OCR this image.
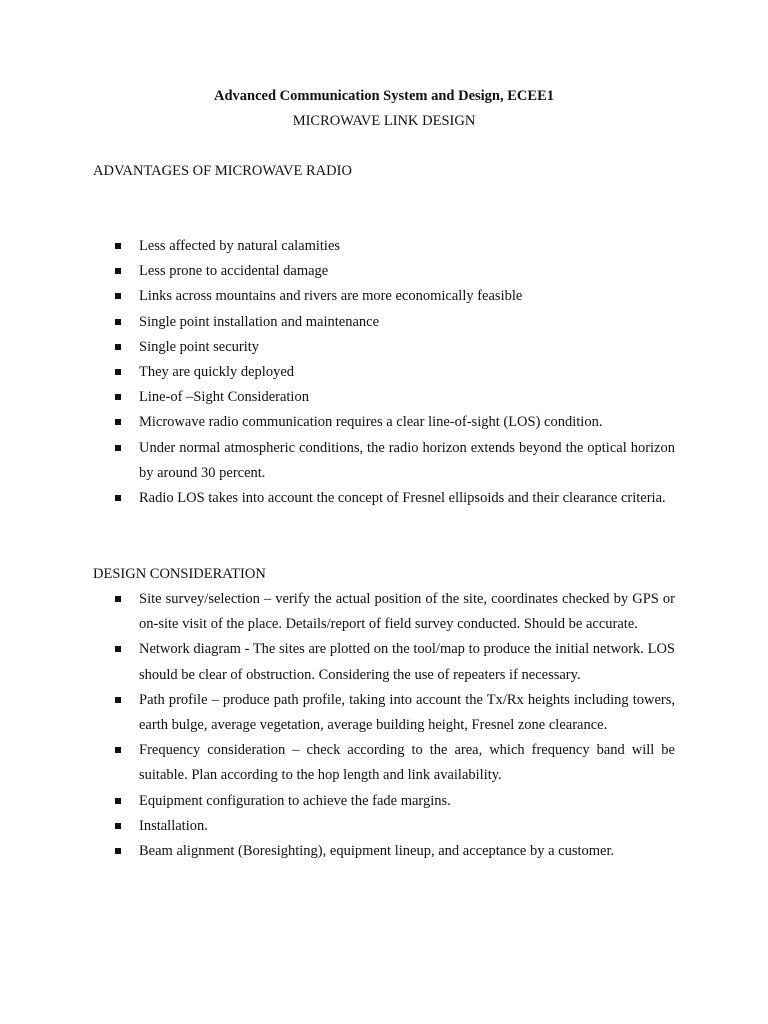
Advanced Communication System and Design, ECEE1
MICROWAVE LINK DESIGN
ADVANTAGES OF MICROWAVE RADIO
Less affected by natural calamities
Less prone to accidental damage
Links across mountains and rivers are more economically feasible
Single point installation and maintenance
Single point security
They are quickly deployed
Line-of –Sight Consideration
Microwave radio communication requires a clear line-of-sight (LOS) condition.
Under normal atmospheric conditions, the radio horizon extends beyond the optical horizon by around 30 percent.
Radio LOS takes into account the concept of Fresnel ellipsoids and their clearance criteria.
DESIGN CONSIDERATION
Site survey/selection – verify the actual position of the site, coordinates checked by GPS or on-site visit of the place. Details/report of field survey conducted. Should be accurate.
Network diagram - The sites are plotted on the tool/map to produce the initial network. LOS should be clear of obstruction. Considering the use of repeaters if necessary.
Path profile – produce path profile, taking into account the Tx/Rx heights including towers, earth bulge, average vegetation, average building height, Fresnel zone clearance.
Frequency consideration – check according to the area, which frequency band will be suitable. Plan according to the hop length and link availability.
Equipment configuration to achieve the fade margins.
Installation.
Beam alignment (Boresighting), equipment lineup, and acceptance by a customer.
